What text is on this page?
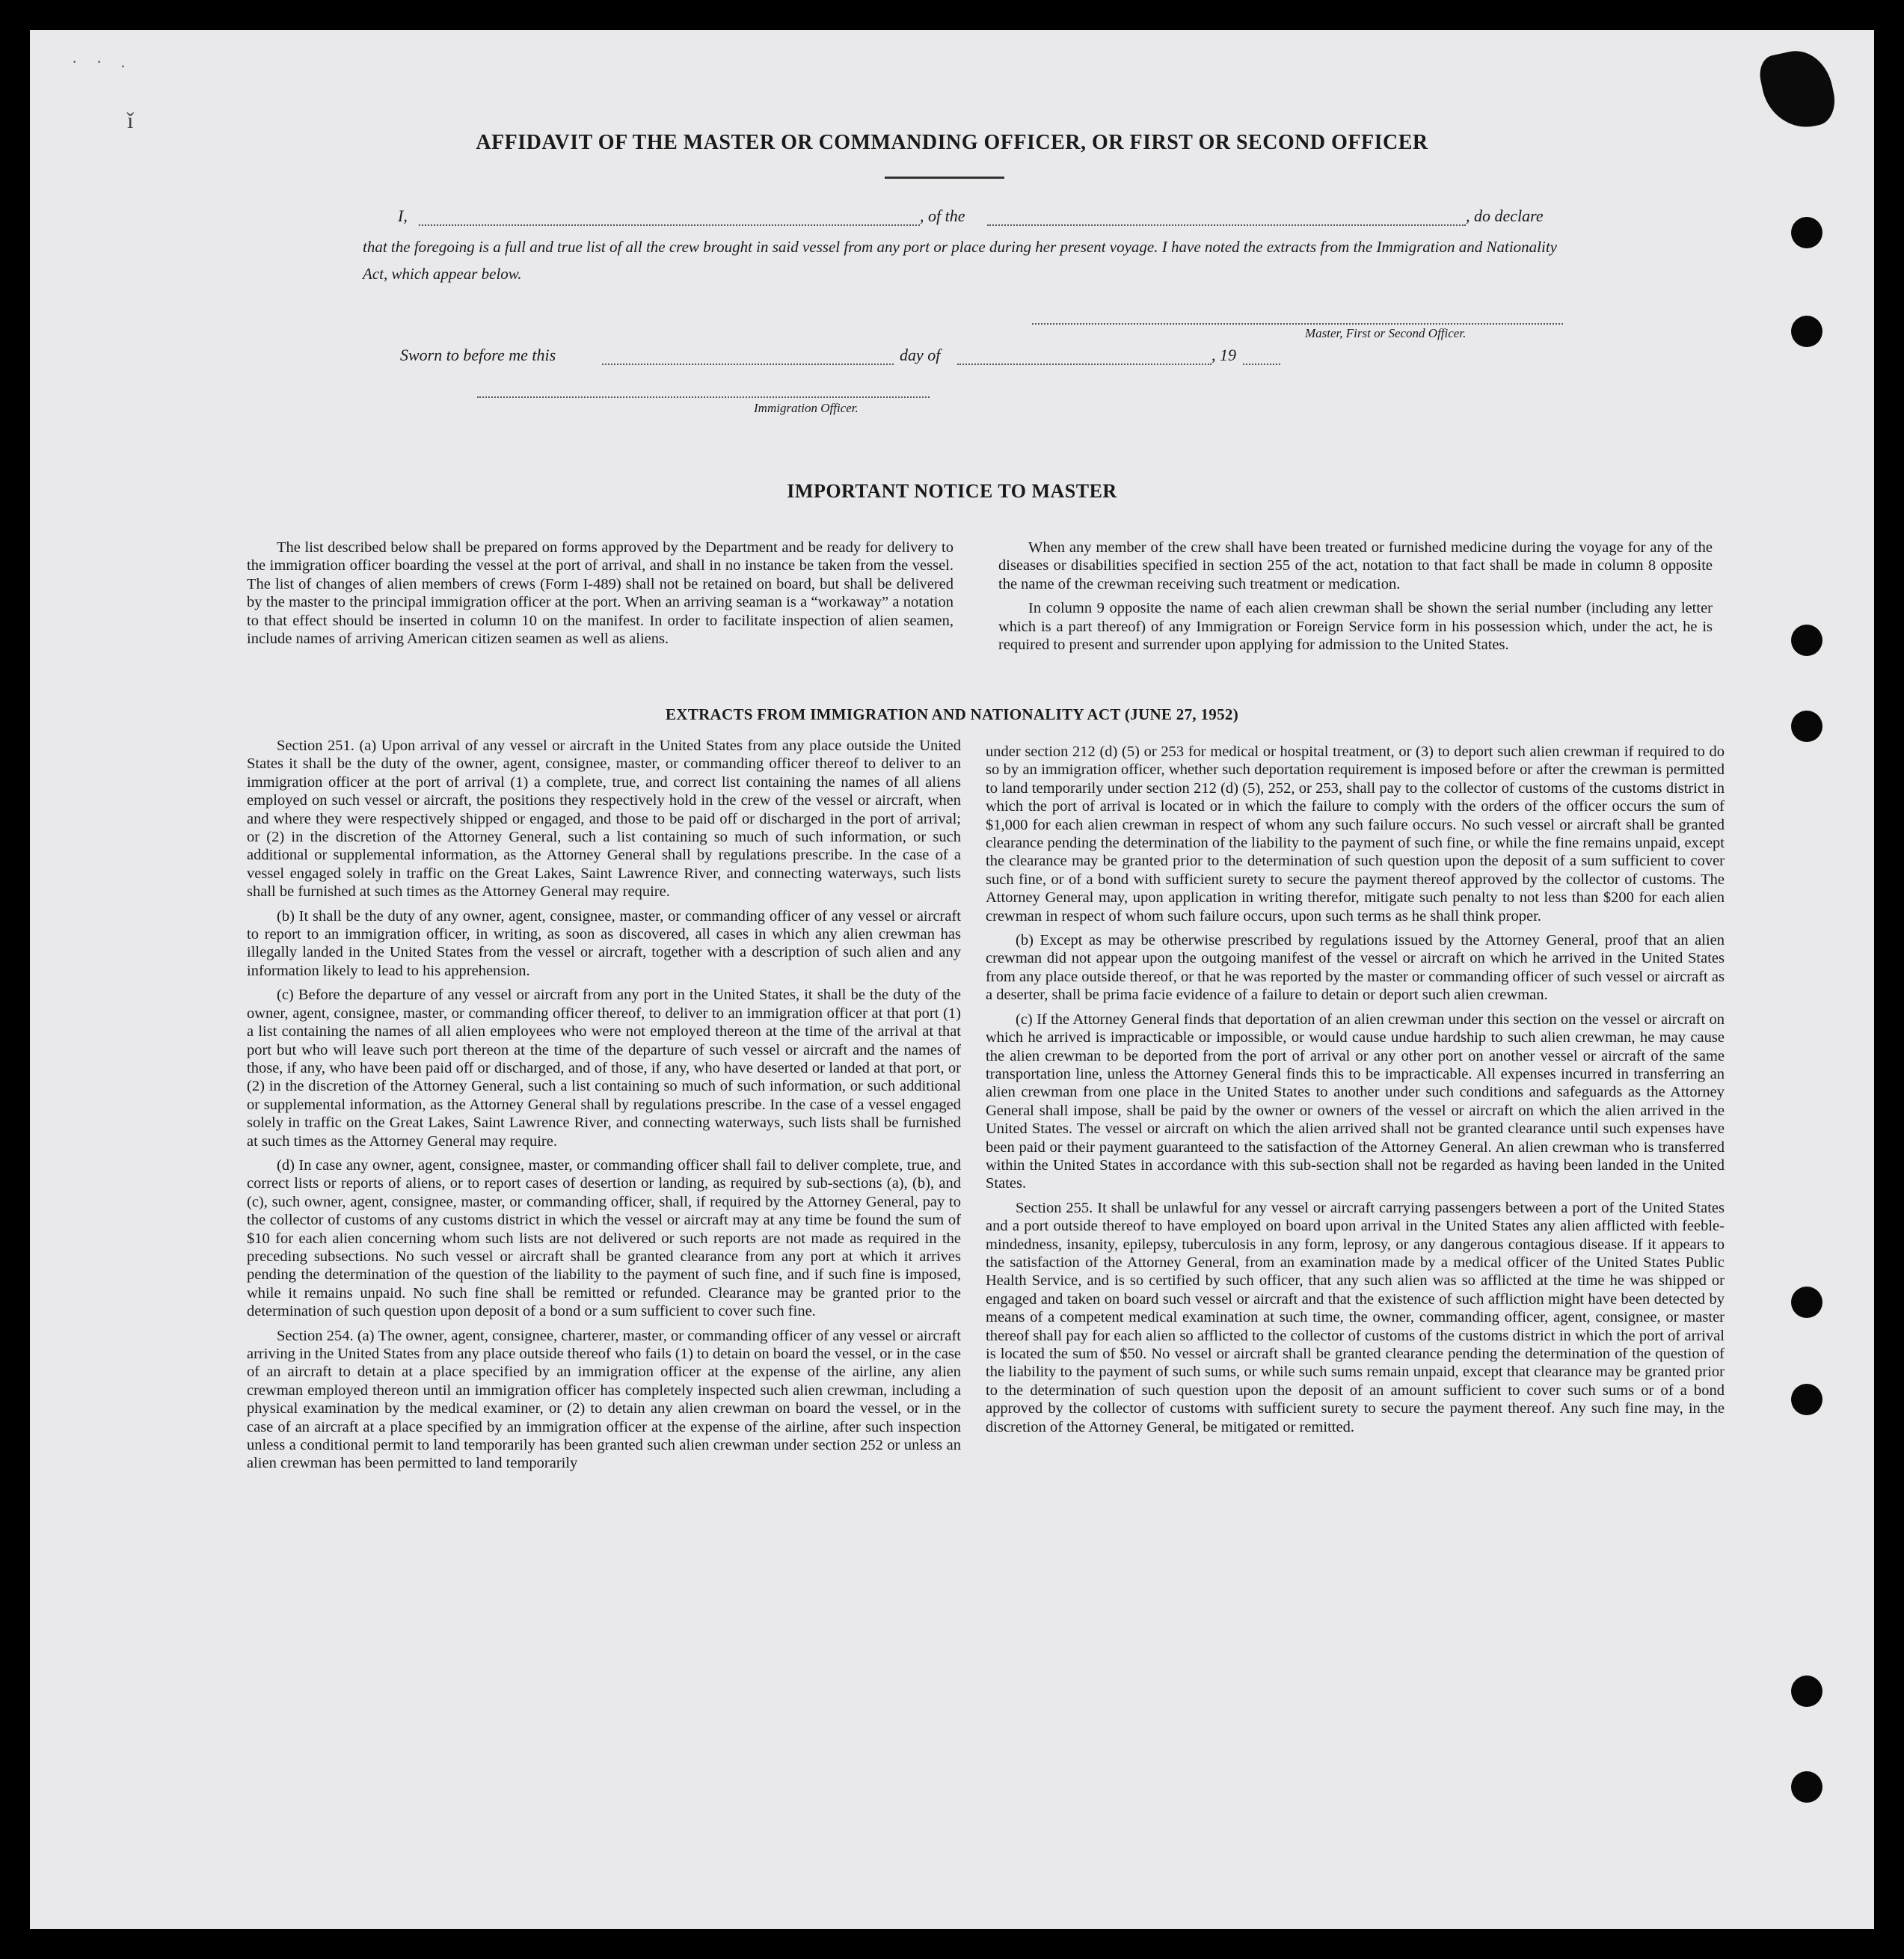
· · .
ǐ
AFFIDAVIT OF THE MASTER OR COMMANDING OFFICER, OR FIRST OR SECOND OFFICER
I,	, of the	, do declare
that the foregoing is a full and true list of all the crew brought in said vessel from any port or place during her present voyage. I have noted the extracts from the Immigration and Nationality Act, which appear below.
Master, First or Second Officer.
Sworn to before me this	day of	, 19
Immigration Officer.
IMPORTANT NOTICE TO MASTER

The list described below shall be prepared on forms approved by the Department and be ready for delivery to the immigration officer boarding the vessel at the port of arrival, and shall in no instance be taken from the vessel. The list of changes of alien members of crews (Form I-489) shall not be retained on board, but shall be delivered by the master to the principal immigration officer at the port. When an arriving seaman is a “workaway” a notation to that effect should be inserted in column 10 on the manifest. In order to facilitate inspection of alien seamen, include names of arriving American citizen seamen as well as aliens.

When any member of the crew shall have been treated or furnished medicine during the voyage for any of the diseases or disabilities specified in section 255 of the act, notation to that fact shall be made in column 8 opposite the name of the crewman receiving such treatment or medication.

In column 9 opposite the name of each alien crewman shall be shown the serial number (including any letter which is a part thereof) of any Immigration or Foreign Service form in his possession which, under the act, he is required to present and surrender upon applying for admission to the United States.

EXTRACTS FROM IMMIGRATION AND NATIONALITY ACT (JUNE 27, 1952)

Section 251. (a) Upon arrival of any vessel or aircraft in the United States from any place outside the United States it shall be the duty of the owner, agent, consignee, master, or commanding officer thereof to deliver to an immigration officer at the port of arrival (1) a complete, true, and correct list containing the names of all aliens employed on such vessel or aircraft, the positions they respectively hold in the crew of the vessel or aircraft, when and where they were respectively shipped or engaged, and those to be paid off or discharged in the port of arrival; or (2) in the discretion of the Attorney General, such a list containing so much of such information, or such additional or supplemental information, as the Attorney General shall by regulations prescribe. In the case of a vessel engaged solely in traffic on the Great Lakes, Saint Lawrence River, and connecting waterways, such lists shall be furnished at such times as the Attorney General may require.

(b) It shall be the duty of any owner, agent, consignee, master, or commanding officer of any vessel or aircraft to report to an immigration officer, in writing, as soon as discovered, all cases in which any alien crewman has illegally landed in the United States from the vessel or aircraft, together with a description of such alien and any information likely to lead to his apprehension.

(c) Before the departure of any vessel or aircraft from any port in the United States, it shall be the duty of the owner, agent, consignee, master, or commanding officer thereof, to deliver to an immigration officer at that port (1) a list containing the names of all alien employees who were not employed thereon at the time of the arrival at that port but who will leave such port thereon at the time of the departure of such vessel or aircraft and the names of those, if any, who have been paid off or discharged, and of those, if any, who have deserted or landed at that port, or (2) in the discretion of the Attorney General, such a list containing so much of such information, or such additional or supplemental information, as the Attorney General shall by regulations prescribe. In the case of a vessel engaged solely in traffic on the Great Lakes, Saint Lawrence River, and connecting waterways, such lists shall be furnished at such times as the Attorney General may require.

(d) In case any owner, agent, consignee, master, or commanding officer shall fail to deliver complete, true, and correct lists or reports of aliens, or to report cases of desertion or landing, as required by sub-sections (a), (b), and (c), such owner, agent, consignee, master, or commanding officer, shall, if required by the Attorney General, pay to the collector of customs of any customs district in which the vessel or aircraft may at any time be found the sum of $10 for each alien concerning whom such lists are not delivered or such reports are not made as required in the preceding subsections. No such vessel or aircraft shall be granted clearance from any port at which it arrives pending the determination of the question of the liability to the payment of such fine, and if such fine is imposed, while it remains unpaid. No such fine shall be remitted or refunded. Clearance may be granted prior to the determination of such question upon deposit of a bond or a sum sufficient to cover such fine.

Section 254. (a) The owner, agent, consignee, charterer, master, or commanding officer of any vessel or aircraft arriving in the United States from any place outside thereof who fails (1) to detain on board the vessel, or in the case of an aircraft to detain at a place specified by an immigration officer at the expense of the airline, any alien crewman employed thereon until an immigration officer has completely inspected such alien crewman, including a physical examination by the medical examiner, or (2) to detain any alien crewman on board the vessel, or in the case of an aircraft at a place specified by an immigration officer at the expense of the airline, after such inspection unless a conditional permit to land temporarily has been granted such alien crewman under section 252 or unless an alien crewman has been permitted to land temporarily

under section 212 (d) (5) or 253 for medical or hospital treatment, or (3) to deport such alien crewman if required to do so by an immigration officer, whether such deportation requirement is imposed before or after the crewman is permitted to land temporarily under section 212 (d) (5), 252, or 253, shall pay to the collector of customs of the customs district in which the port of arrival is located or in which the failure to comply with the orders of the officer occurs the sum of $1,000 for each alien crewman in respect of whom any such failure occurs. No such vessel or aircraft shall be granted clearance pending the determination of the liability to the payment of such fine, or while the fine remains unpaid, except the clearance may be granted prior to the determination of such question upon the deposit of a sum sufficient to cover such fine, or of a bond with sufficient surety to secure the payment thereof approved by the collector of customs. The Attorney General may, upon application in writing therefor, mitigate such penalty to not less than $200 for each alien crewman in respect of whom such failure occurs, upon such terms as he shall think proper.

(b) Except as may be otherwise prescribed by regulations issued by the Attorney General, proof that an alien crewman did not appear upon the outgoing manifest of the vessel or aircraft on which he arrived in the United States from any place outside thereof, or that he was reported by the master or commanding officer of such vessel or aircraft as a deserter, shall be prima facie evidence of a failure to detain or deport such alien crewman.

(c) If the Attorney General finds that deportation of an alien crewman under this section on the vessel or aircraft on which he arrived is impracticable or impossible, or would cause undue hardship to such alien crewman, he may cause the alien crewman to be deported from the port of arrival or any other port on another vessel or aircraft of the same transportation line, unless the Attorney General finds this to be impracticable. All expenses incurred in transferring an alien crewman from one place in the United States to another under such conditions and safeguards as the Attorney General shall impose, shall be paid by the owner or owners of the vessel or aircraft on which the alien arrived in the United States. The vessel or aircraft on which the alien arrived shall not be granted clearance until such expenses have been paid or their payment guaranteed to the satisfaction of the Attorney General. An alien crewman who is transferred within the United States in accordance with this sub-section shall not be regarded as having been landed in the United States.

Section 255. It shall be unlawful for any vessel or aircraft carrying passengers between a port of the United States and a port outside thereof to have employed on board upon arrival in the United States any alien afflicted with feeble-mindedness, insanity, epilepsy, tuberculosis in any form, leprosy, or any dangerous contagious disease. If it appears to the satisfaction of the Attorney General, from an examination made by a medical officer of the United States Public Health Service, and is so certified by such officer, that any such alien was so afflicted at the time he was shipped or engaged and taken on board such vessel or aircraft and that the existence of such affliction might have been detected by means of a competent medical examination at such time, the owner, commanding officer, agent, consignee, or master thereof shall pay for each alien so afflicted to the collector of customs of the customs district in which the port of arrival is located the sum of $50. No vessel or aircraft shall be granted clearance pending the determination of the question of the liability to the payment of such sums, or while such sums remain unpaid, except that clearance may be granted prior to the determination of such question upon the deposit of an amount sufficient to cover such sums or of a bond approved by the collector of customs with sufficient surety to secure the payment thereof. Any such fine may, in the discretion of the Attorney General, be mitigated or remitted.
